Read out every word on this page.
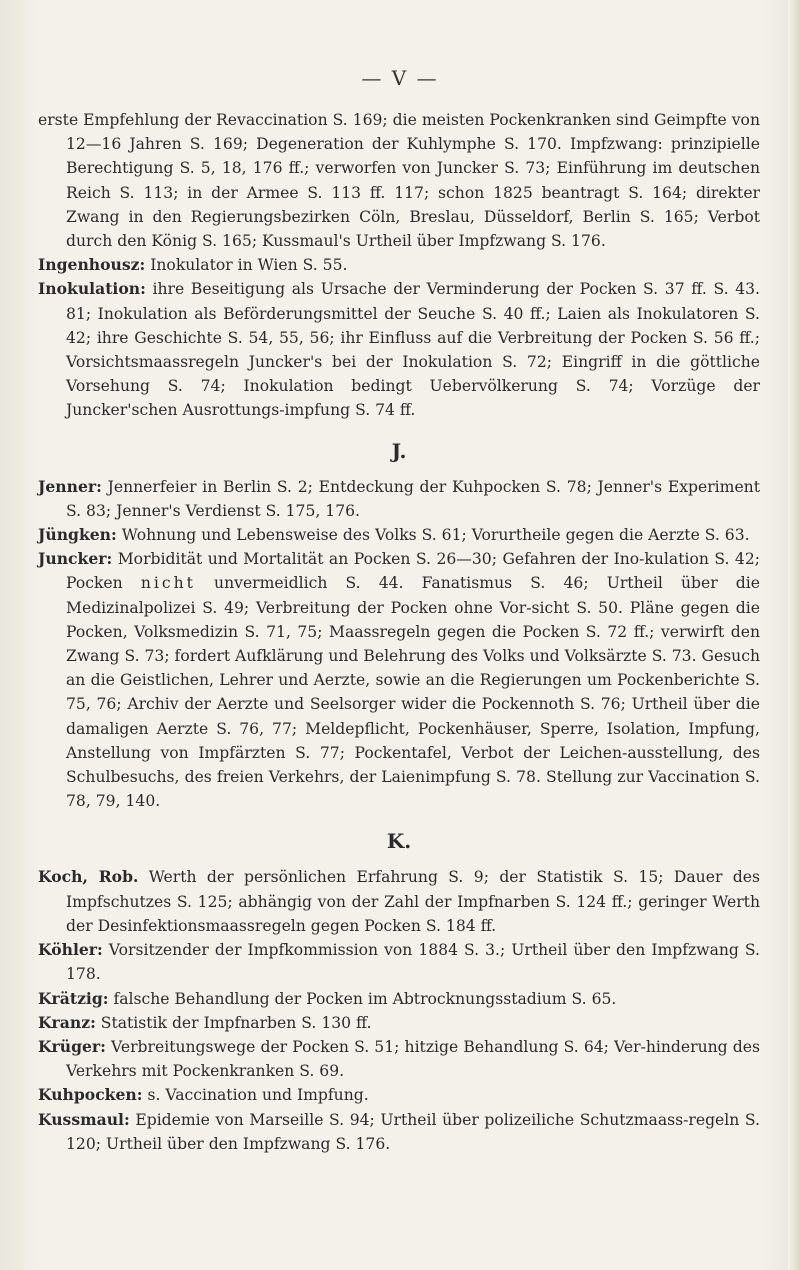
— V —

erste Empfehlung der Revaccination S. 169; die meisten Pockenkranken sind Geimpfte von 12—16 Jahren S. 169; Degeneration der Kuhlymphe S. 170. Impfzwang: prinzipielle Berechtigung S. 5, 18, 176 ff.; verworfen von Juncker S. 73; Einführung im deutschen Reich S. 113; in der Armee S. 113 ff. 117; schon 1825 beantragt S. 164; direkter Zwang in den Regierungsbezirken Cöln, Breslau, Düsseldorf, Berlin S. 165; Verbot durch den König S. 165; Kussmaul's Urtheil über Impfzwang S. 176.

Ingenhousz: Inokulator in Wien S. 55.

Inokulation: ihre Beseitigung als Ursache der Verminderung der Pocken S. 37 ff. S. 43. 81; Inokulation als Beförderungsmittel der Seuche S. 40 ff.; Laien als Inokulatoren S. 42; ihre Geschichte S. 54, 55, 56; ihr Einfluss auf die Verbreitung der Pocken S. 56 ff.; Vorsichtsmaassregeln Juncker's bei der Inokulation S. 72; Eingriff in die göttliche Vorsehung S. 74; Inokulation bedingt Uebervölkerung S. 74; Vorzüge der Juncker'schen Ausrottungs-impfung S. 74 ff.

J.

Jenner: Jennerfeier in Berlin S. 2; Entdeckung der Kuhpocken S. 78; Jenner's Experiment S. 83; Jenner's Verdienst S. 175, 176.

Jüngken: Wohnung und Lebensweise des Volks S. 61; Vorurtheile gegen die Aerzte S. 63.

Juncker: Morbidität und Mortalität an Pocken S. 26—30; Gefahren der Ino-kulation S. 42; Pocken nicht unvermeidlich S. 44. Fanatismus S. 46; Urtheil über die Medizinalpolizei S. 49; Verbreitung der Pocken ohne Vor-sicht S. 50. Pläne gegen die Pocken, Volksmedizin S. 71, 75; Maassregeln gegen die Pocken S. 72 ff.; verwirft den Zwang S. 73; fordert Aufklärung und Belehrung des Volks und Volksärzte S. 73. Gesuch an die Geistlichen, Lehrer und Aerzte, sowie an die Regierungen um Pockenberichte S. 75, 76; Archiv der Aerzte und Seelsorger wider die Pockennoth S. 76; Urtheil über die damaligen Aerzte S. 76, 77; Meldepflicht, Pockenhäuser, Sperre, Isolation, Impfung, Anstellung von Impfärzten S. 77; Pockentafel, Verbot der Leichen-ausstellung, des Schulbesuchs, des freien Verkehrs, der Laienimpfung S. 78. Stellung zur Vaccination S. 78, 79, 140.

K.

Koch, Rob. Werth der persönlichen Erfahrung S. 9; der Statistik S. 15; Dauer des Impfschutzes S. 125; abhängig von der Zahl der Impfnarben S. 124 ff.; geringer Werth der Desinfektionsmaassregeln gegen Pocken S. 184 ff.

Köhler: Vorsitzender der Impfkommission von 1884 S. 3.; Urtheil über den Impfzwang S. 178.

Krätzig: falsche Behandlung der Pocken im Abtrocknungsstadium S. 65.

Kranz: Statistik der Impfnarben S. 130 ff.

Krüger: Verbreitungswege der Pocken S. 51; hitzige Behandlung S. 64; Ver-hinderung des Verkehrs mit Pockenkranken S. 69.

Kuhpocken: s. Vaccination und Impfung.

Kussmaul: Epidemie von Marseille S. 94; Urtheil über polizeiliche Schutzmaass-regeln S. 120; Urtheil über den Impfzwang S. 176.
